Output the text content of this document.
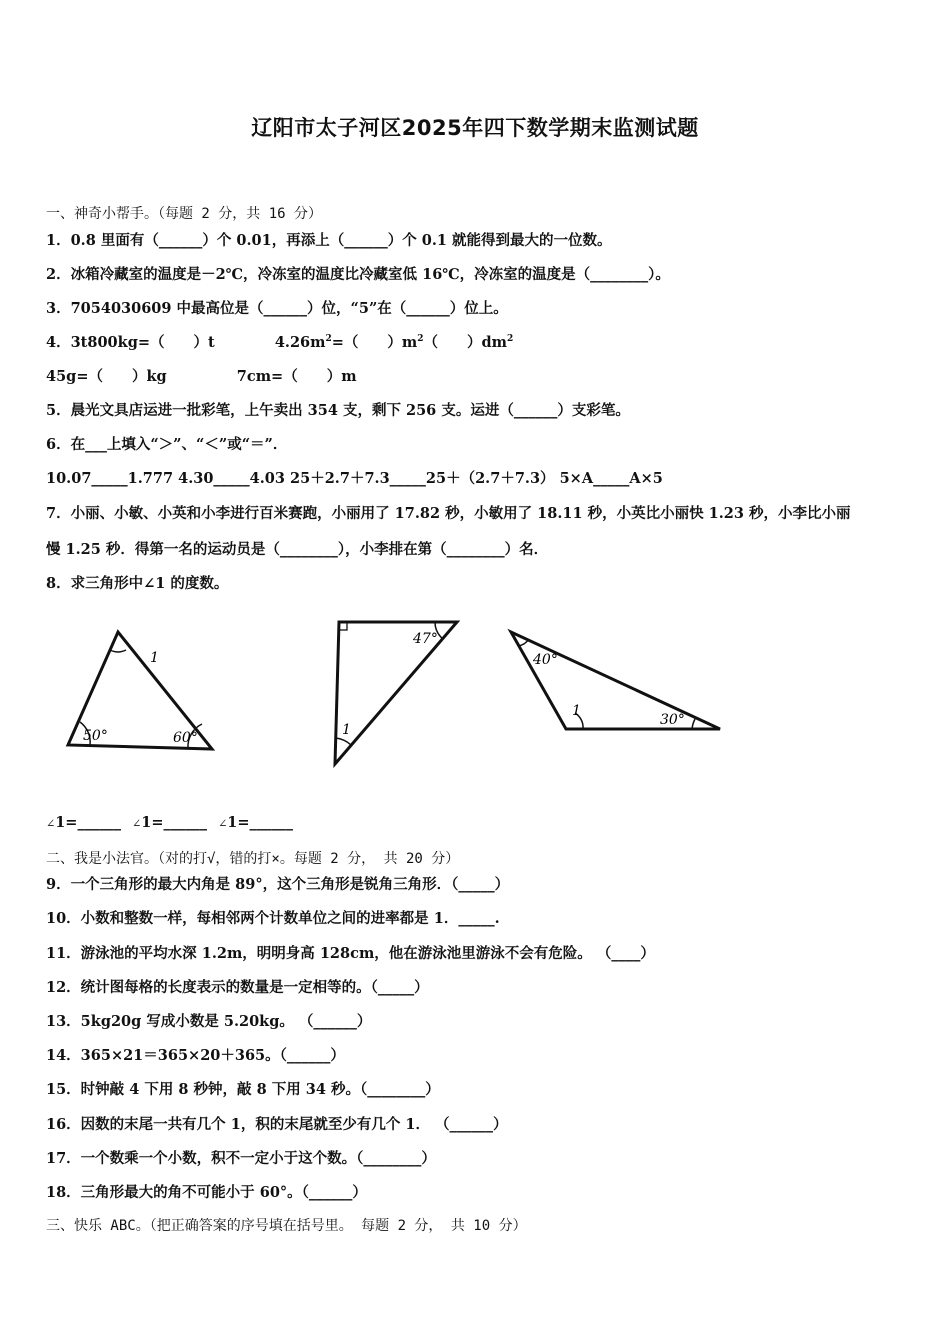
辽阳市太子河区2025年四下数学期末监测试题
一、神奇小帮手。（每题 2 分，共 16 分）
1．0.8 里面有（______）个 0.01，再添上（______）个 0.1 就能得到最大的一位数。
2．冰箱冷藏室的温度是－2℃，冷冻室的温度比冷藏室低 16℃，冷冻室的温度是（________）。
3．7054030609 中最高位是（______）位，“5”在（______）位上。
4．3t800kg=（　　）t	$4.26m^2=$（　　）$m^2$（　　）$dm^2$
45g=（　　）kg	7cm=（　　）m
5．晨光文具店运进一批彩笔，上午卖出 354 支，剩下 256 支。运进（______）支彩笔。
6．在___上填入“＞”、“＜”或“＝”．
10.07_____1.777 4.30_____4.03 25＋2.7＋7.3_____25＋（2.7＋7.3） 5×A_____A×5
7．小丽、小敏、小英和小李进行百米赛跑，小丽用了 17.82 秒，小敏用了 18.11 秒，小英比小丽快 1.23 秒，小李比小丽
慢 1.25 秒．得第一名的运动员是（________），小李排在第（________）名．
8．求三角形中∠1 的度数。
1
50°	60°
47°
1
40°
1
30°
∠1=______ ∠1=______ ∠1=______
二、我是小法官。（对的打√，错的打×。每题 2 分， 共 20 分）
9．一个三角形的最大内角是 89°，这个三角形是锐角三角形．（_____）
10．小数和整数一样，每相邻两个计数单位之间的进率都是 1．_____.
11．游泳池的平均水深 1.2m，明明身高 128cm，他在游泳池里游泳不会有危险。 （____）
12．统计图每格的长度表示的数量是一定相等的。（_____）
13．5kg20g 写成小数是 5.20kg。 （______）
14．365×21＝365×20＋365。（______）
15．时钟敲 4 下用 8 秒钟，敲 8 下用 34 秒。（________）
16．因数的末尾一共有几个 1，积的末尾就至少有几个 1． （______）
17．一个数乘一个小数，积不一定小于这个数。（________）
18．三角形最大的角不可能小于 60°。（______）
三、快乐 ABC。（把正确答案的序号填在括号里。 每题 2 分， 共 10 分）
